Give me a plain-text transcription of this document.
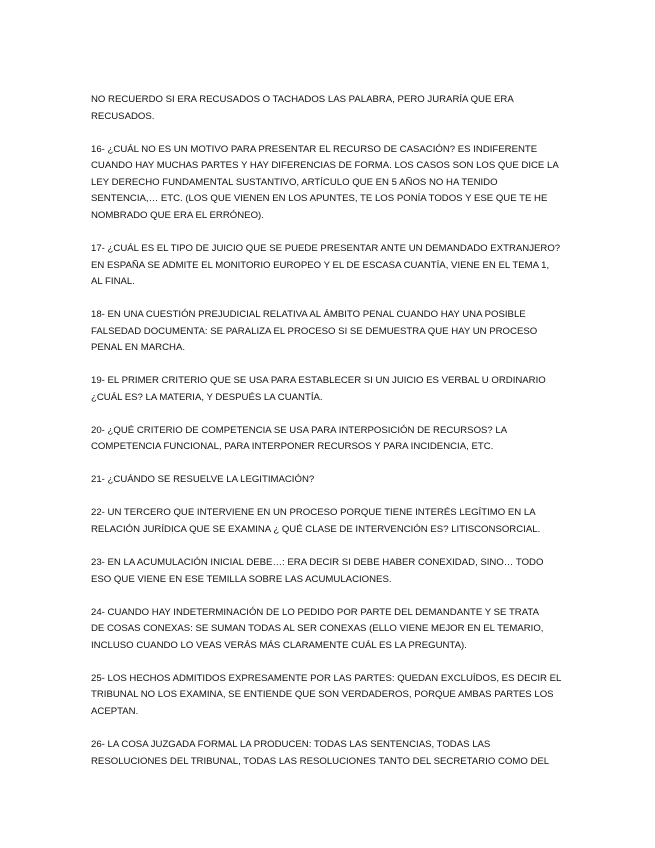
NO RECUERDO SI ERA RECUSADOS O TACHADOS LAS PALABRA, PERO JURARÍA QUE ERA
RECUSADOS.

16- ¿CUÁL NO ES UN MOTIVO PARA PRESENTAR EL RECURSO DE CASACIÓN? ES INDIFERENTE
CUANDO HAY MUCHAS PARTES Y HAY DIFERENCIAS DE FORMA. LOS CASOS SON LOS QUE DICE LA
LEY DERECHO FUNDAMENTAL SUSTANTIVO, ARTÍCULO QUE EN 5 AÑOS NO HA TENIDO
SENTENCIA,… ETC. (LOS QUE VIENEN EN LOS APUNTES, TE LOS PONÍA TODOS Y ESE QUE TE HE
NOMBRADO QUE ERA EL ERRÓNEO).

17- ¿CUÁL ES EL TIPO DE JUICIO QUE SE PUEDE PRESENTAR ANTE UN DEMANDADO EXTRANJERO?
EN ESPAÑA SE ADMITE EL MONITORIO EUROPEO Y EL DE ESCASA CUANTÍA, VIENE EN EL TEMA 1,
AL FINAL.

18- EN UNA CUESTIÓN PREJUDICIAL RELATIVA AL ÁMBITO PENAL CUANDO HAY UNA POSIBLE
FALSEDAD DOCUMENTA: SE PARALIZA EL PROCESO SI SE DEMUESTRA QUE HAY UN PROCESO
PENAL EN MARCHA.

19- EL PRIMER CRITERIO QUE SE USA PARA ESTABLECER SI UN JUICIO ES VERBAL U ORDINARIO
¿CUÁL ES? LA MATERIA, Y DESPUÉS LA CUANTÍA.

20- ¿QUÉ CRITERIO DE COMPETENCIA SE USA PARA INTERPOSICIÓN DE RECURSOS? LA
COMPETENCIA FUNCIONAL, PARA INTERPONER RECURSOS Y PARA INCIDENCIA, ETC.

21- ¿CUÁNDO SE RESUELVE LA LEGITIMACIÓN?

22- UN TERCERO QUE INTERVIENE EN UN PROCESO PORQUE TIENE INTERÉS LEGÍTIMO EN LA
RELACIÓN JURÍDICA QUE SE EXAMINA ¿ QUÉ CLASE DE INTERVENCIÓN ES? LITISCONSORCIAL.

23- EN LA ACUMULACIÓN INICIAL DEBE…: ERA DECIR SI DEBE HABER CONEXIDAD, SINO… TODO
ESO QUE VIENE EN ESE TEMILLA SOBRE LAS ACUMULACIONES.

24- CUANDO HAY INDETERMINACIÓN DE LO PEDIDO POR PARTE DEL DEMANDANTE Y SE TRATA
DE COSAS CONEXAS: SE SUMAN TODAS AL SER CONEXAS (ELLO VIENE MEJOR EN EL TEMARIO,
INCLUSO CUANDO LO VEAS VERÁS MÁS CLARAMENTE CUÁL ES LA PREGUNTA).

25- LOS HECHOS ADMITIDOS EXPRESAMENTE POR LAS PARTES: QUEDAN EXCLUÍDOS, ES DECIR EL
TRIBUNAL NO LOS EXAMINA, SE ENTIENDE QUE SON VERDADEROS, PORQUE AMBAS PARTES LOS
ACEPTAN.

26- LA COSA JUZGADA FORMAL LA PRODUCEN: TODAS LAS SENTENCIAS, TODAS LAS
RESOLUCIONES DEL TRIBUNAL, TODAS LAS RESOLUCIONES TANTO DEL SECRETARIO COMO DEL
